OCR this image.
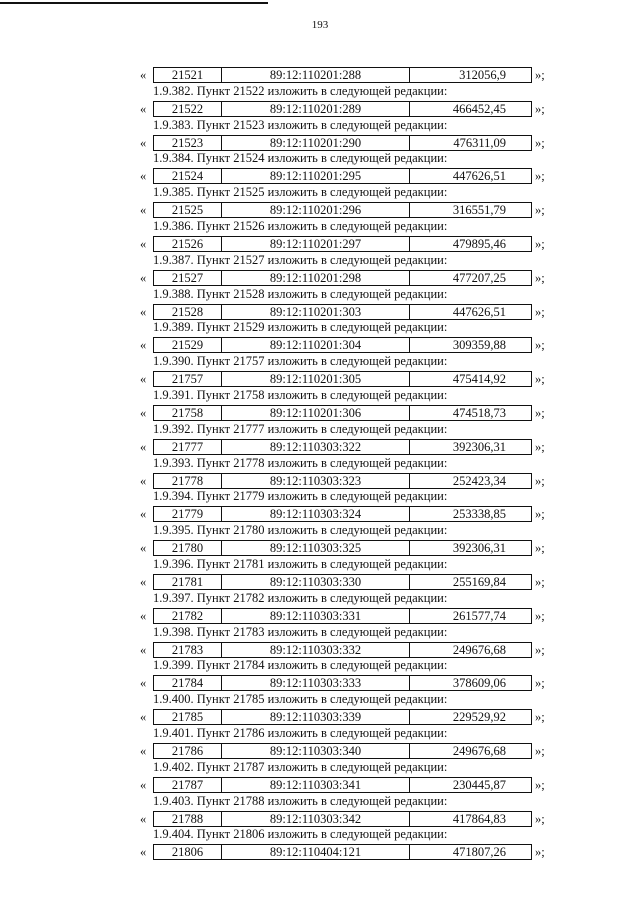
193
«	21521	89:12:110201:288	312056,9	»;
1.9.382. Пункт 21522 изложить в следующей редакции:
«	21522	89:12:110201:289	466452,45	»;
1.9.383. Пункт 21523 изложить в следующей редакции:
«	21523	89:12:110201:290	476311,09	»;
1.9.384. Пункт 21524 изложить в следующей редакции:
«	21524	89:12:110201:295	447626,51	»;
1.9.385. Пункт 21525 изложить в следующей редакции:
«	21525	89:12:110201:296	316551,79	»;
1.9.386. Пункт 21526 изложить в следующей редакции:
«	21526	89:12:110201:297	479895,46	»;
1.9.387. Пункт 21527 изложить в следующей редакции:
«	21527	89:12:110201:298	477207,25	»;
1.9.388. Пункт 21528 изложить в следующей редакции:
«	21528	89:12:110201:303	447626,51	»;
1.9.389. Пункт 21529 изложить в следующей редакции:
«	21529	89:12:110201:304	309359,88	»;
1.9.390. Пункт 21757 изложить в следующей редакции:
«	21757	89:12:110201:305	475414,92	»;
1.9.391. Пункт 21758 изложить в следующей редакции:
«	21758	89:12:110201:306	474518,73	»;
1.9.392. Пункт 21777 изложить в следующей редакции:
«	21777	89:12:110303:322	392306,31	»;
1.9.393. Пункт 21778 изложить в следующей редакции:
«	21778	89:12:110303:323	252423,34	»;
1.9.394. Пункт 21779 изложить в следующей редакции:
«	21779	89:12:110303:324	253338,85	»;
1.9.395. Пункт 21780 изложить в следующей редакции:
«	21780	89:12:110303:325	392306,31	»;
1.9.396. Пункт 21781 изложить в следующей редакции:
«	21781	89:12:110303:330	255169,84	»;
1.9.397. Пункт 21782 изложить в следующей редакции:
«	21782	89:12:110303:331	261577,74	»;
1.9.398. Пункт 21783 изложить в следующей редакции:
«	21783	89:12:110303:332	249676,68	»;
1.9.399. Пункт 21784 изложить в следующей редакции:
«	21784	89:12:110303:333	378609,06	»;
1.9.400. Пункт 21785 изложить в следующей редакции:
«	21785	89:12:110303:339	229529,92	»;
1.9.401. Пункт 21786 изложить в следующей редакции:
«	21786	89:12:110303:340	249676,68	»;
1.9.402. Пункт 21787 изложить в следующей редакции:
«	21787	89:12:110303:341	230445,87	»;
1.9.403. Пункт 21788 изложить в следующей редакции:
«	21788	89:12:110303:342	417864,83	»;
1.9.404. Пункт 21806 изложить в следующей редакции:
«	21806	89:12:110404:121	471807,26	»;
